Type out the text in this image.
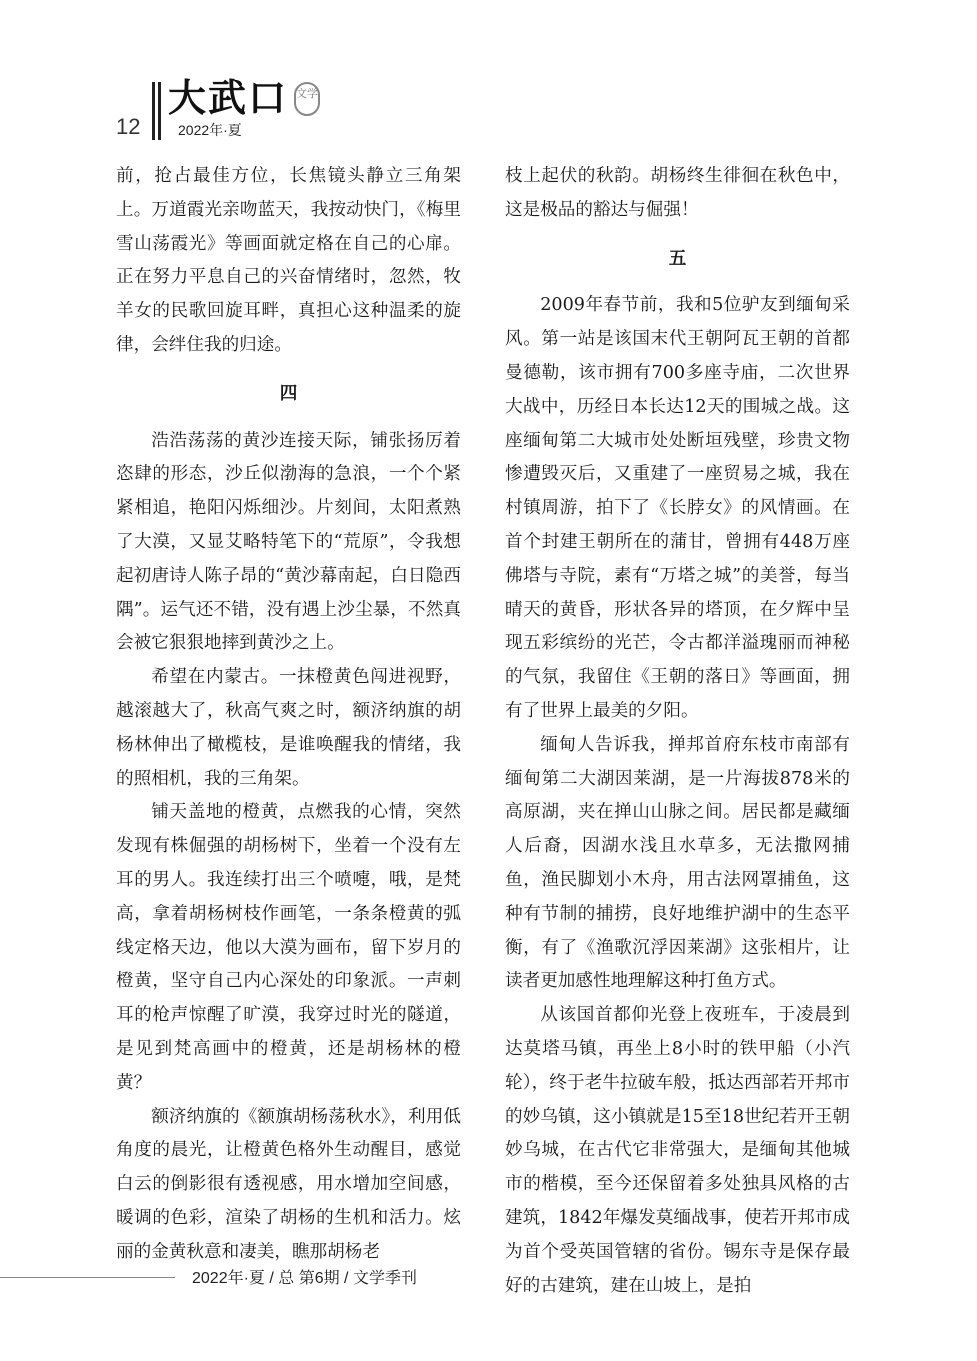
12
大武口 文学
2022年·夏

前，抢占最佳方位，长焦镜头静立三角架上。万道霞光亲吻蓝天，我按动快门，《梅里雪山荡霞光》等画面就定格在自己的心扉。正在努力平息自己的兴奋情绪时，忽然，牧羊女的民歌回旋耳畔，真担心这种温柔的旋律，会绊住我的归途。

四

浩浩荡荡的黄沙连接天际，铺张扬厉着恣肆的形态，沙丘似渤海的急浪，一个个紧紧相追，艳阳闪烁细沙。片刻间，太阳煮熟了大漠，又显艾略特笔下的“荒原”，令我想起初唐诗人陈子昂的“黄沙幕南起，白日隐西隅”。运气还不错，没有遇上沙尘暴，不然真会被它狠狠地摔到黄沙之上。

希望在内蒙古。一抹橙黄色闯进视野，越滚越大了，秋高气爽之时，额济纳旗的胡杨林伸出了橄榄枝，是谁唤醒我的情绪，我的照相机，我的三角架。

铺天盖地的橙黄，点燃我的心情，突然发现有株倔强的胡杨树下，坐着一个没有左耳的男人。我连续打出三个喷嚏，哦，是梵高，拿着胡杨树枝作画笔，一条条橙黄的弧线定格天边，他以大漠为画布，留下岁月的橙黄，坚守自己内心深处的印象派。一声刺耳的枪声惊醒了旷漠，我穿过时光的隧道，是见到梵高画中的橙黄，还是胡杨林的橙黄？

额济纳旗的《额旗胡杨荡秋水》，利用低角度的晨光，让橙黄色格外生动醒目，感觉白云的倒影很有透视感，用水增加空间感，暖调的色彩，渲染了胡杨的生机和活力。炫丽的金黄秋意和凄美，瞧那胡杨老

枝上起伏的秋韵。胡杨终生徘徊在秋色中，这是极品的豁达与倔强！

五

2009年春节前，我和5位驴友到缅甸采风。第一站是该国末代王朝阿瓦王朝的首都曼德勒，该市拥有700多座寺庙，二次世界大战中，历经日本长达12天的围城之战。这座缅甸第二大城市处处断垣残壁，珍贵文物惨遭毁灭后，又重建了一座贸易之城，我在村镇周游，拍下了《长脖女》的风情画。在首个封建王朝所在的蒲甘，曾拥有448万座佛塔与寺院，素有“万塔之城”的美誉，每当晴天的黄昏，形状各异的塔顶，在夕辉中呈现五彩缤纷的光芒，令古都洋溢瑰丽而神秘的气氛，我留住《王朝的落日》等画面，拥有了世界上最美的夕阳。

缅甸人告诉我，掸邦首府东枝市南部有缅甸第二大湖因莱湖，是一片海拔878米的高原湖，夹在掸山山脉之间。居民都是藏缅人后裔，因湖水浅且水草多，无法撒网捕鱼，渔民脚划小木舟，用古法网罩捕鱼，这种有节制的捕捞，良好地维护湖中的生态平衡，有了《渔歌沉浮因莱湖》这张相片，让读者更加感性地理解这种打鱼方式。

从该国首都仰光登上夜班车，于凌晨到达莫塔马镇，再坐上8小时的铁甲船（小汽轮），终于老牛拉破车般，抵达西部若开邦市的妙乌镇，这小镇就是15至18世纪若开王朝妙乌城，在古代它非常强大，是缅甸其他城市的楷模，至今还保留着多处独具风格的古建筑，1842年爆发莫缅战事，使若开邦市成为首个受英国管辖的省份。锡东寺是保存最好的古建筑，建在山坡上，是拍

2022年·夏 / 总 第6期 / 文学季刊
